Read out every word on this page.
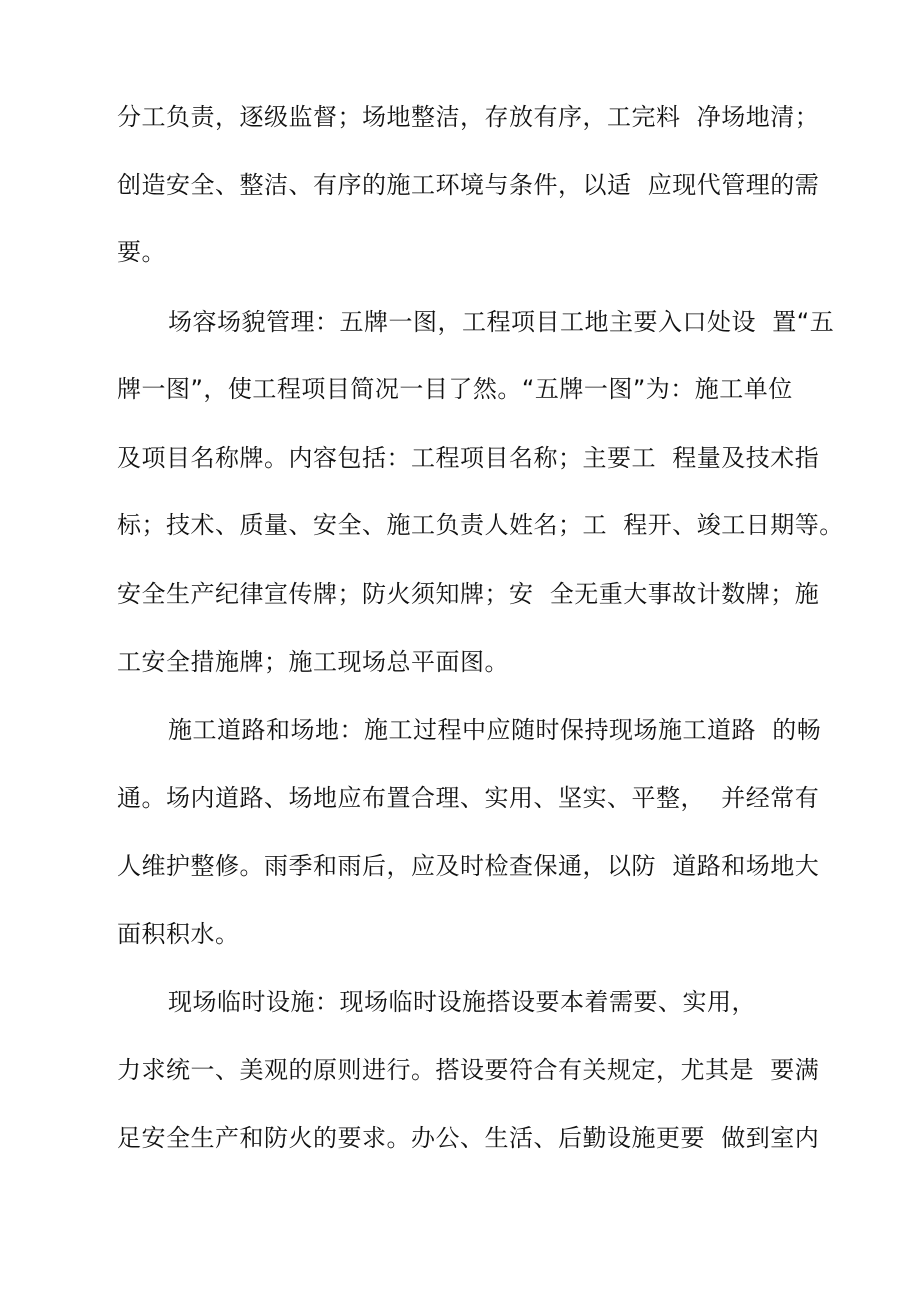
分工负责，逐级监督；场地整洁，存放有序，工完料  净场地清；
创造安全、整洁、有序的施工环境与条件，以适  应现代管理的需
要。
场容场貌管理：五牌一图，工程项目工地主要入口处设  置“五
牌一图”，使工程项目简况一目了然。“五牌一图”为：施工单位
及项目名称牌。内容包括：工程项目名称；主要工  程量及技术指
标；技术、质量、安全、施工负责人姓名；工  程开、竣工日期等。
安全生产纪律宣传牌；防火须知牌；安  全无重大事故计数牌；施
工安全措施牌；施工现场总平面图。
施工道路和场地：施工过程中应随时保持现场施工道路  的畅
通。场内道路、场地应布置合理、实用、坚实、平整，  并经常有
人维护整修。雨季和雨后，应及时检查保通，以防  道路和场地大
面积积水。
现场临时设施：现场临时设施搭设要本着需要、实用，
力求统一、美观的原则进行。搭设要符合有关规定，尤其是  要满
足安全生产和防火的要求。办公、生活、后勤设施更要  做到室内
